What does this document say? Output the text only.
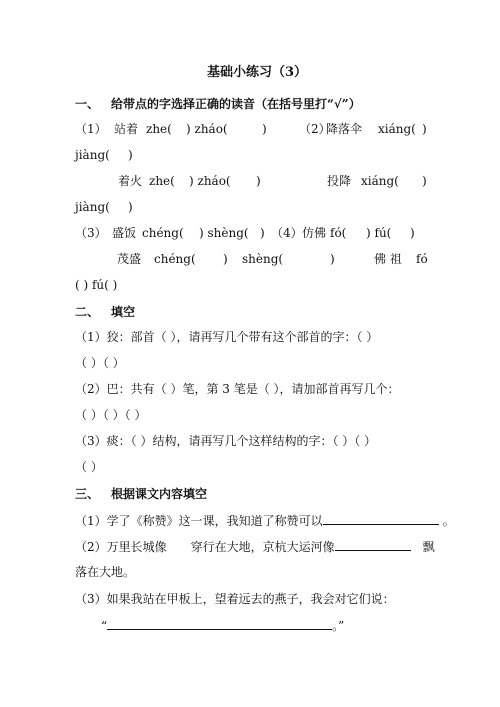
基础小练习（3）
一、 给带点的字选择正确的读音（在括号里打“√”）
（1） 站着 zhe( ) zháo(	)	（2）
降落伞 xiáng( )
jiàng( )
着火 zhe( ) zháo( )	投降 xiáng( )
jiàng( )
（3） 盛饭 chéng( ) shèng( ) （4） 仿佛 fó( ) fú( )
茂盛 chéng( ) shèng(	)	佛 祖 fó
( ) fú( )
二、 填空
（1）狡：部首（ ），请再写几个带有这个部首的字：（ ）
（ ）（ ）
（2）巴：共有（ ）笔，第 3 笔是（ ），请加部首再写几个：
（ ）（ ）（ ）
（3）痰：（ ）结构，请再写几个这样结构的字：（ ）（ ）
（ ）
三、 根据课文内容填空
（1）学了《称赞》这一课，我知道了称赞可以	。
（2）万里长城像 穿行在大地，京杭大运河像	飘
落在大地。
（3）如果我站在甲板上，望着远去的燕子，我会对它们说：
“	。”
